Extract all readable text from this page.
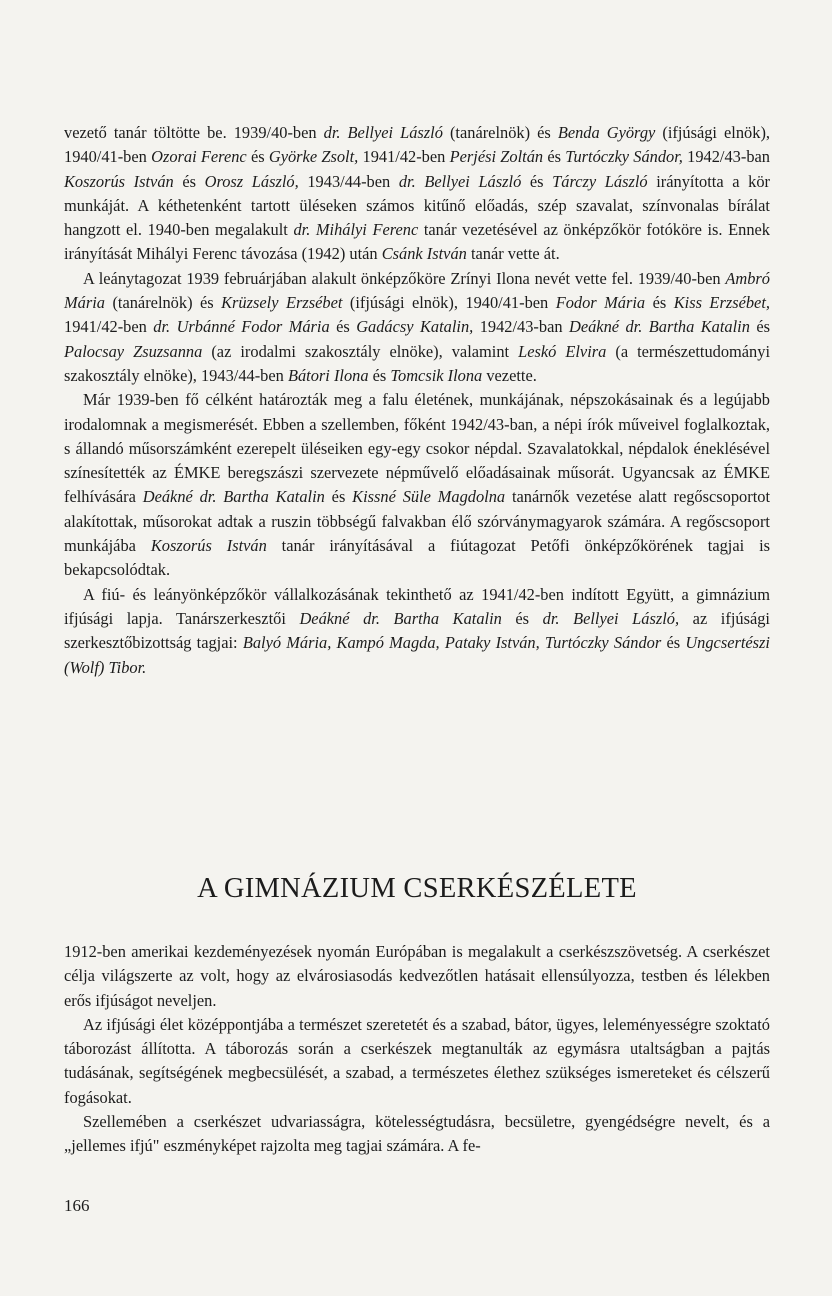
vezető tanár töltötte be. 1939/40-ben dr. Bellyei László (tanárelnök) és Benda György (ifjúsági elnök), 1940/41-ben Ozorai Ferenc és Györke Zsolt, 1941/42-ben Perjési Zoltán és Turtóczky Sándor, 1942/43-ban Koszorús István és Orosz László, 1943/44-ben dr. Bellyei László és Tárczy László irányította a kör munkáját. A kéthetenként tartott üléseken számos kitűnő előadás, szép szavalat, színvonalas bírálat hangzott el. 1940-ben megalakult dr. Mihályi Ferenc tanár vezetésével az önképzőkör fotóköre is. Ennek irányítását Mihályi Ferenc távozása (1942) után Csánk István tanár vette át.

A leánytagozat 1939 februárjában alakult önképzőköre Zrínyi Ilona nevét vette fel. 1939/40-ben Ambró Mária (tanárelnök) és Krüzsely Erzsébet (ifjúsági elnök), 1940/41-ben Fodor Mária és Kiss Erzsébet, 1941/42-ben dr. Urbánné Fodor Mária és Gadácsy Katalin, 1942/43-ban Deákné dr. Bartha Katalin és Palocsay Zsuzsanna (az irodalmi szakosztály elnöke), valamint Leskó Elvira (a természettudományi szakosztály elnöke), 1943/44-ben Bátori Ilona és Tomcsik Ilona vezette.

Már 1939-ben fő célként határozták meg a falu életének, munkájának, népszokásainak és a legújabb irodalomnak a megismerését. Ebben a szellemben, főként 1942/43-ban, a népi írók műveivel foglalkoztak, s állandó műsorszámként ezerepelt üléseiken egy-egy csokor népdal. Szavalatokkal, népdalok éneklésével színesítették az ÉMKE beregszászi szervezete népművelő előadásainak műsorát. Ugyancsak az ÉMKE felhívására Deákné dr. Bartha Katalin és Kissné Süle Magdolna tanárnők vezetése alatt regőscsoportot alakítottak, műsorokat adtak a ruszin többségű falvakban élő szórványmagyarok számára. A regőscsoport munkájába Koszorús István tanár irányításával a fiútagozat Petőfi önképzőkörének tagjai is bekapcsolódtak.

A fiú- és leányönképzőkör vállalkozásának tekinthető az 1941/42-ben indított Együtt, a gimnázium ifjúsági lapja. Tanárszerkesztői Deákné dr. Bartha Katalin és dr. Bellyei László, az ifjúsági szerkesztőbizottság tagjai: Balyó Mária, Kampó Magda, Pataky István, Turtóczky Sándor és Ungcsertészi (Wolf) Tibor.

A GIMNÁZIUM CSERKÉSZÉLETE

1912-ben amerikai kezdeményezések nyomán Európában is megalakult a cserkészszövetség. A cserkészet célja világszerte az volt, hogy az elvárosiasodás kedvezőtlen hatásait ellensúlyozza, testben és lélekben erős ifjúságot neveljen.

Az ifjúsági élet középpontjába a természet szeretetét és a szabad, bátor, ügyes, leleményességre szoktató táborozást állította. A táborozás során a cserkészek megtanulták az egymásra utaltságban a pajtás tudásának, segítségének megbecsülését, a szabad, a természetes élethez szükséges ismereteket és célszerű fogásokat.

Szellemében a cserkészet udvariasságra, kötelességtudásra, becsületre, gyengédségre nevelt, és a „jellemes ifjú" eszményképet rajzolta meg tagjai számára. A fe-

166
